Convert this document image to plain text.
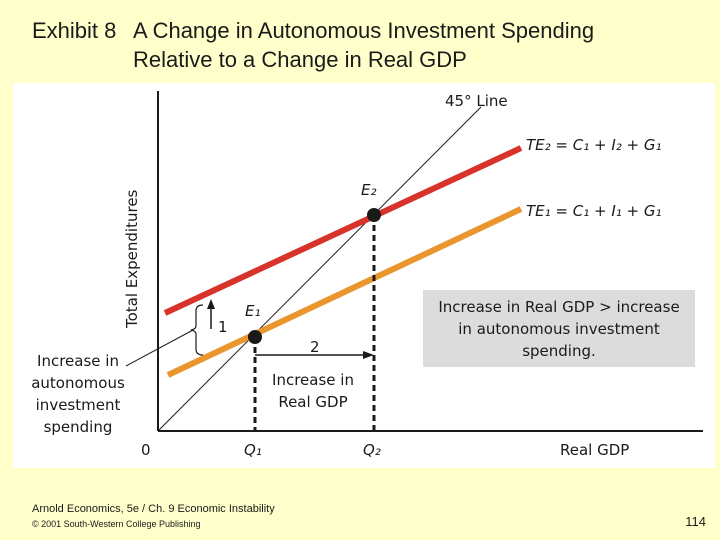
Exhibit 8 A Change in Autonomous Investment Spending
Relative to a Change in Real GDP
Increase in Real GDP > increase
in autonomous investment
spending.
Total Expenditures
Real GDP
0
45° Line
TE₂ = C₁ + I₂ + G₁
TE₁ = C₁ + I₁ + G₁
E₂
E₁
Q₁	Q₂
1
2
Increase in
Real GDP
Increase in
autonomous
investment
spending
Arnold Economics, 5e / Ch. 9 Economic Instability
© 2001 South-Western College Publishing	114
